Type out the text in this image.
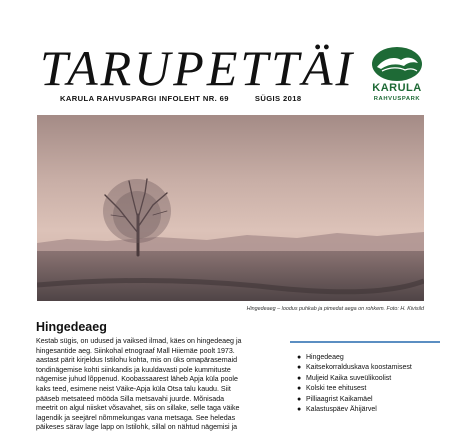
TARUPETTÄI
KARULA RAHVUSPARGI INFOLEHT NR. 69	SÜGIS 2018
KARULA
RAHVUSPARK
Hingedeaeg – loodus puhkab ja pimedat aega on rohkem. Foto: H. Kivisild
Hingedeaeg
Kestab sügis, on udused ja vaiksed ilmad, käes on hingedeaeg ja
hingesantide aeg. Siinkohal etnograaf Mall Hiiemäe poolt 1973.
aastast pärit kirjeldus Istilohu kohta, mis on üks omapärasemaid
tondinägemise kohti siinkandis ja kuuldavasti pole kummituste
nägemise juhud lõppenud. Koobassaarest läheb Apja küla poole
kaks teed, esimene neist Väike-Apja küla Otsa talu kaudu. Siit
pääseb metsateed mööda Silla metsavahi juurde. Mõnisada
meetrit on algul niisket võsavahet, siis on sillake, selle taga väike
lagendik ja seejärel nõmmekungas vana metsaga. See heledas
päikeses särav lage lapp on Istilohk, sillal on nähtud nägemisi ja
● Hingedeaeg
● Kaitsekorralduskava koostamisest
● Muljeid Kaika suveülikoolist
● Kolski tee ehitusest
● Pilliaagrist Kaikamäel
● Kalastuspäev Ähijärvel
